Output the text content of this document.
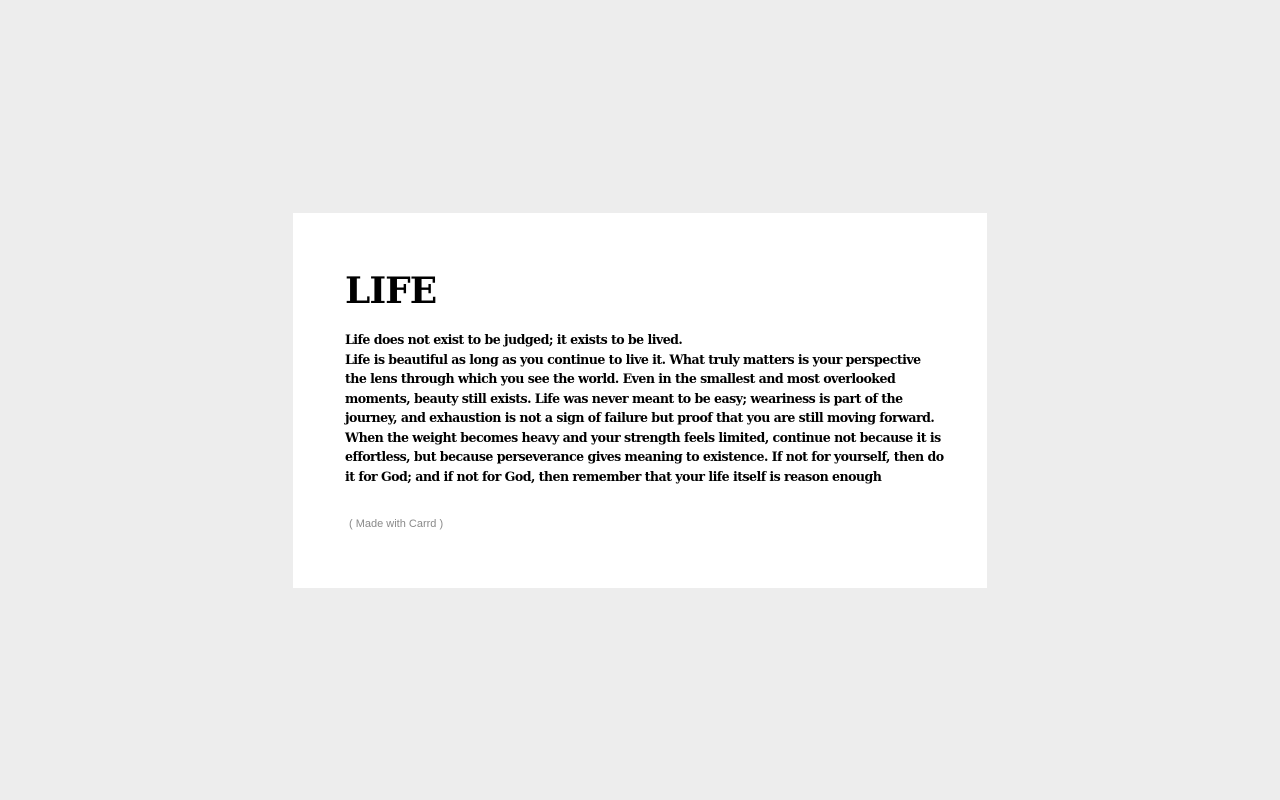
LIFE

Life does not exist to be judged; it exists to be lived.
Life is beautiful as long as you continue to live it. What truly matters is your perspective the lens through which you see the world. Even in the smallest and most overlooked moments, beauty still exists. Life was never meant to be easy; weariness is part of the journey, and exhaustion is not a sign of failure but proof that you are still moving forward. When the weight becomes heavy and your strength feels limited, continue not because it is effortless, but because perseverance gives meaning to existence. If not for yourself, then do it for God; and if not for God, then remember that your life itself is reason enough

( Made with Carrd )
